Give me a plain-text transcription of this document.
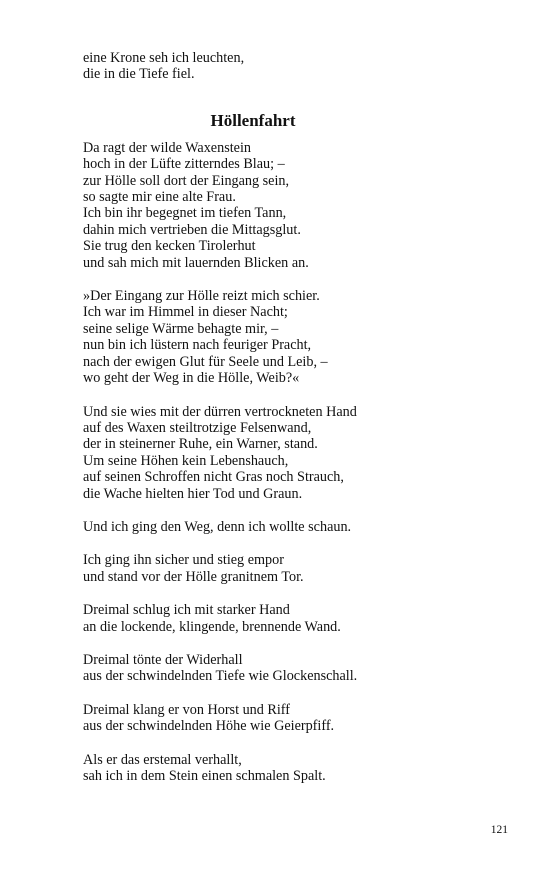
eine Krone seh ich leuchten,
die in die Tiefe fiel.
Höllenfahrt
Da ragt der wilde Waxenstein
hoch in der Lüfte zitterndes Blau; –
zur Hölle soll dort der Eingang sein,
so sagte mir eine alte Frau.
Ich bin ihr begegnet im tiefen Tann,
dahin mich vertrieben die Mittagsglut.
Sie trug den kecken Tirolerhut
und sah mich mit lauernden Blicken an.
»Der Eingang zur Hölle reizt mich schier.
Ich war im Himmel in dieser Nacht;
seine selige Wärme behagte mir, –
nun bin ich lüstern nach feuriger Pracht,
nach der ewigen Glut für Seele und Leib, –
wo geht der Weg in die Hölle, Weib?«
Und sie wies mit der dürren vertrockneten Hand
auf des Waxen steiltrotzige Felsenwand,
der in steinerner Ruhe, ein Warner, stand.
Um seine Höhen kein Lebenshauch,
auf seinen Schroffen nicht Gras noch Strauch,
die Wache hielten hier Tod und Graun.
Und ich ging den Weg, denn ich wollte schaun.
Ich ging ihn sicher und stieg empor
und stand vor der Hölle granitnem Tor.
Dreimal schlug ich mit starker Hand
an die lockende, klingende, brennende Wand.
Dreimal tönte der Widerhall
aus der schwindelnden Tiefe wie Glockenschall.
Dreimal klang er von Horst und Riff
aus der schwindelnden Höhe wie Geierpfiff.
Als er das erstemal verhallt,
sah ich in dem Stein einen schmalen Spalt.
121
